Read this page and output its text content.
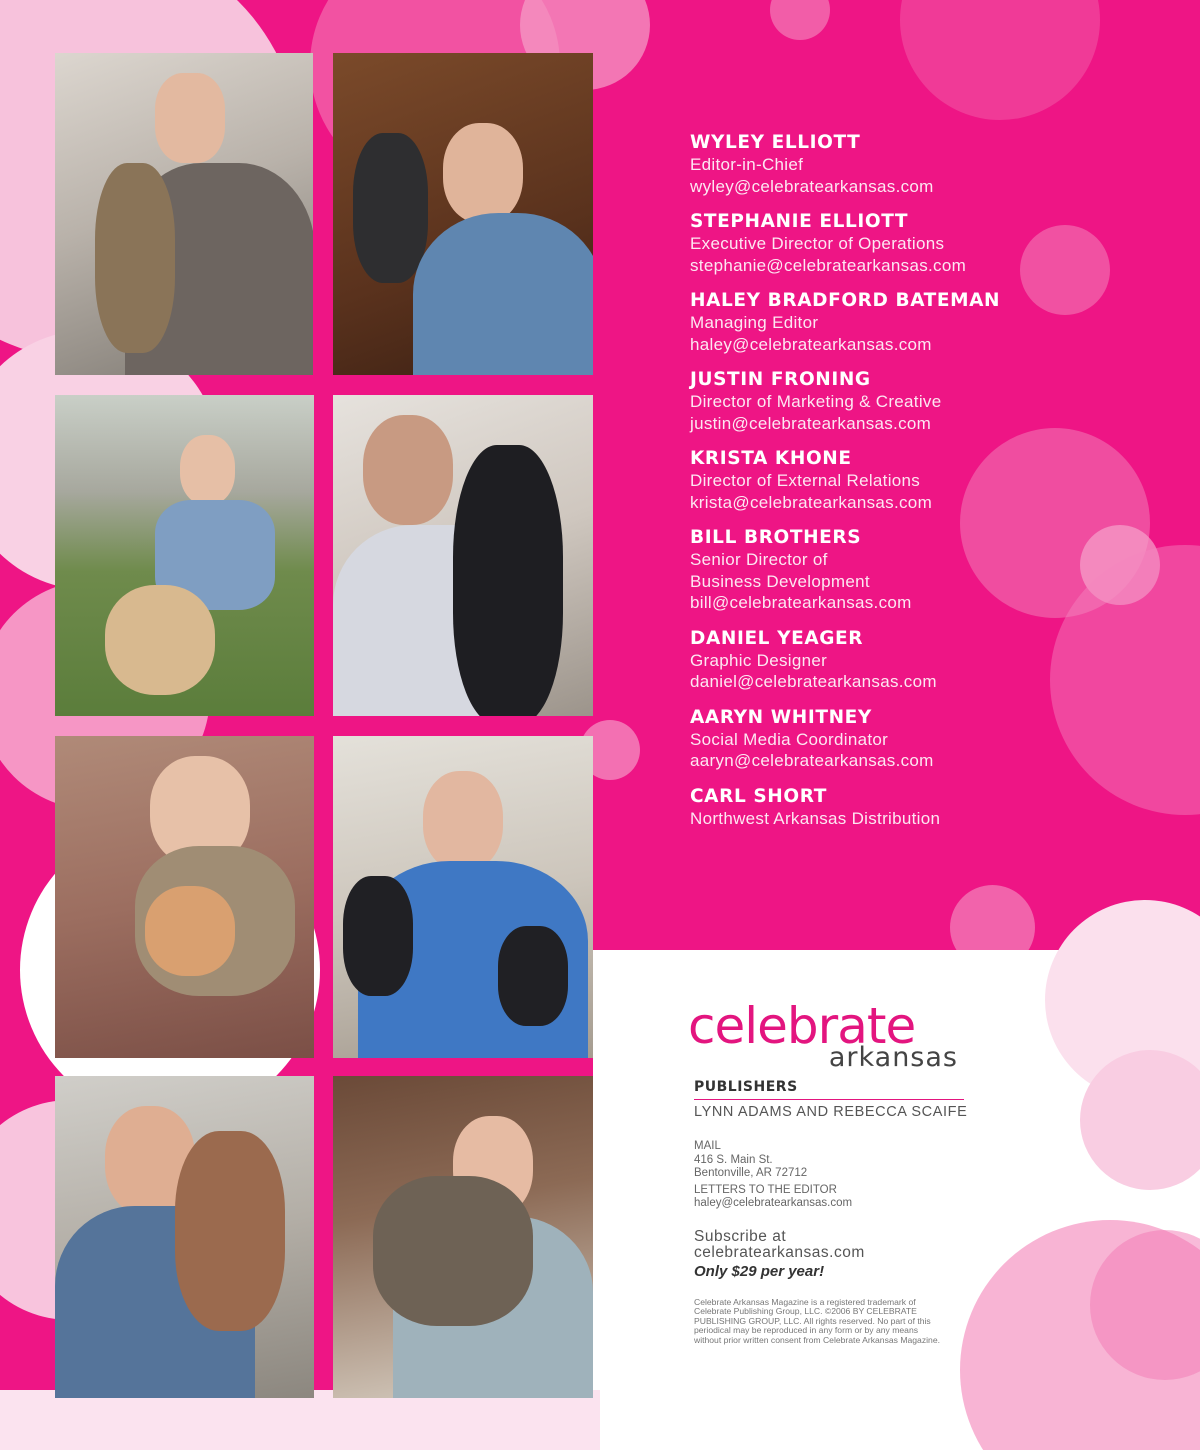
WYLEY ELLIOTT
Editor-in-Chief
wyley@celebratearkansas.com
STEPHANIE ELLIOTT
Executive Director of Operations
stephanie@celebratearkansas.com
HALEY BRADFORD BATEMAN
Managing Editor
haley@celebratearkansas.com
JUSTIN FRONING
Director of Marketing & Creative
justin@celebratearkansas.com
KRISTA KHONE
Director of External Relations
krista@celebratearkansas.com
BILL BROTHERS
Senior Director of
Business Development
bill@celebratearkansas.com
DANIEL YEAGER
Graphic Designer
daniel@celebratearkansas.com
AARYN WHITNEY
Social Media Coordinator
aaryn@celebratearkansas.com
CARL SHORT
Northwest Arkansas Distribution
celebrate
arkansas
PUBLISHERS
LYNN ADAMS AND REBECCA SCAIFE
MAIL
416 S. Main St.
Bentonville, AR 72712
LETTERS TO THE EDITOR
haley@celebratearkansas.com
Subscribe at
celebratearkansas.com
Only $29 per year!
Celebrate Arkansas Magazine is a registered trademark of Celebrate Publishing Group, LLC. ©2006 BY CELEBRATE PUBLISHING GROUP, LLC. All rights reserved. No part of this periodical may be reproduced in any form or by any means without prior written consent from Celebrate Arkansas Magazine.
